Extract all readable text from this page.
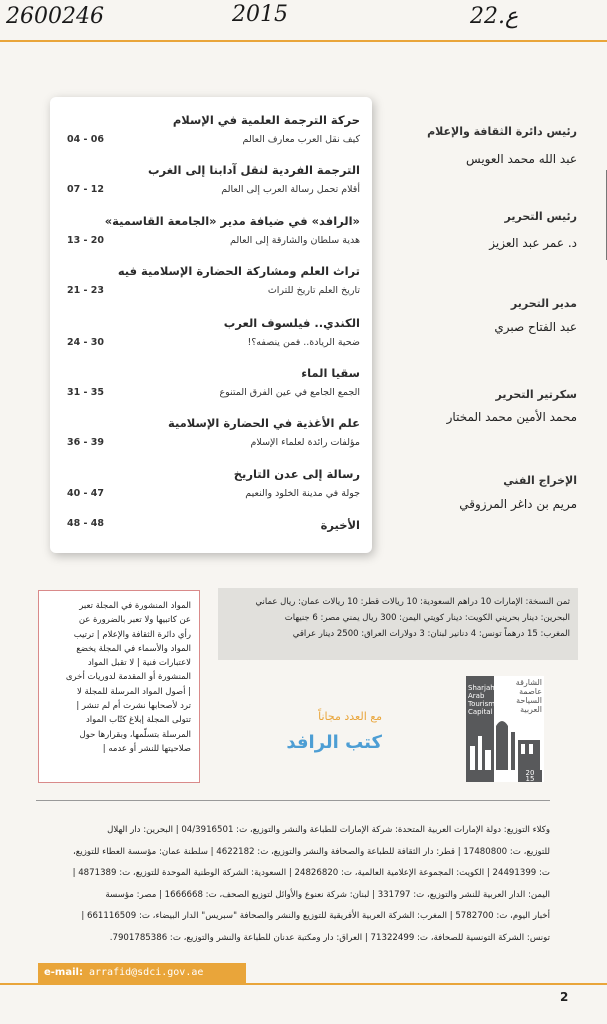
2600246	2015	ع.22
حركة الترجمة العلمية في الإسلام
كيف نقل العرب معارف العالم
04 - 06
الترجمة الفردية لنقل آدابنا إلى الغرب
أقلام تحمل رسالة العرب إلى العالم
07 - 12
«الرافد» في ضيافة مدير «الجامعة القاسمية»
هدية سلطان والشارقة إلى العالم
13 - 20
تراث العلم ومشاركة الحضارة الإسلامية فيه
تاريخ العلم تاريخ للتراث
21 - 23
الكندي.. فيلسوف العرب
ضحية الريادة.. فمن ينصفه؟!
24 - 30
سقيا الماء
الجمع الجامع في عين الفرق المتنوع
31 - 35
علم الأغذية في الحضارة الإسلامية
مؤلفات رائدة لعلماء الإسلام
36 - 39
رسالة إلى عدن التاريخ
جولة في مدينة الخلود والنعيم
40 - 47
الأخيرة
48 - 48
رئيس دائرة الثقافة والإعلام
عبد الله محمد العويس
رئيس التحرير
د. عمر عبد العزيز
مدير التحرير
عبد الفتاح صبري
سكرتير التحرير
محمد الأمين محمد المختار
الإخراج الفني
مريم بن داغر المرزوقي
ثمن النسخة: الإمارات 10 دراهم السعودية: 10 ريالات قطر: 10 ريالات عمان: ريال عماني
البحرين: دينار بحريني الكويت: دينار كويتي اليمن: 300 ريال يمني مصر: 6 جنيهات
المغرب: 15 درهماً تونس: 4 دنانير لبنان: 3 دولارات العراق: 2500 دينار عراقي
المواد المنشورة في المجلة تعبر
عن كاتبيها ولا تعبر بالضرورة عن
رأي دائرة الثقافة والإعلام | ترتيب
المواد والأسماء في المجلة يخضع
لاعتبارات فنية | لا تقبل المواد
المنشورة أو المقدمة لدوريات أخرى
| أصول المواد المرسلة للمجلة لا
ترد لأصحابها نشرت أم لم تنشر |
تتولى المجلة إبلاغ كتّاب المواد
المرسلة بتسلّمها، وبقرارها حول
صلاحيتها للنشر أو عدمه |
Sharjah
Arab
Tourism
Capital
الشارقة
عاصمة
السياحة
العربية
20
15
مع العدد مجاناً
كتب الرافد
وكلاء التوزيع: دولة الإمارات العربية المتحدة: شركة الإمارات للطباعة والنشر والتوزيع، ت: 04/3916501 | البحرين: دار الهلال
للتوزيع، ت: 17480800 | قطر: دار الثقافة للطباعة والصحافة والنشر والتوزيع، ت: 4622182 | سلطنة عمان: مؤسسة العطاء للتوزيع،
ت: 24491399 | الكويت: المجموعة الإعلامية العالمية، ت: 24826820 | السعودية: الشركة الوطنية الموحدة للتوزيع، ت: 4871389 |
اليمن: الدار العربية للنشر والتوزيع، ت: 331797 | لبنان: شركة نعنوع والأوائل لتوزيع الصحف، ت: 1666668 | مصر: مؤسسة
أخبار اليوم، ت: 5782700 | المغرب: الشركة العربية الأفريقية للتوزيع والنشر والصحافة "سبريس" الدار البيضاء، ت: 661116509 |
تونس: الشركة التونسية للصحافة، ت: 71322499 | العراق: دار ومكتبة عدنان للطباعة والنشر والتوزيع، ت: 7901785386.
e-mail: arrafid@sdci.gov.ae
2
